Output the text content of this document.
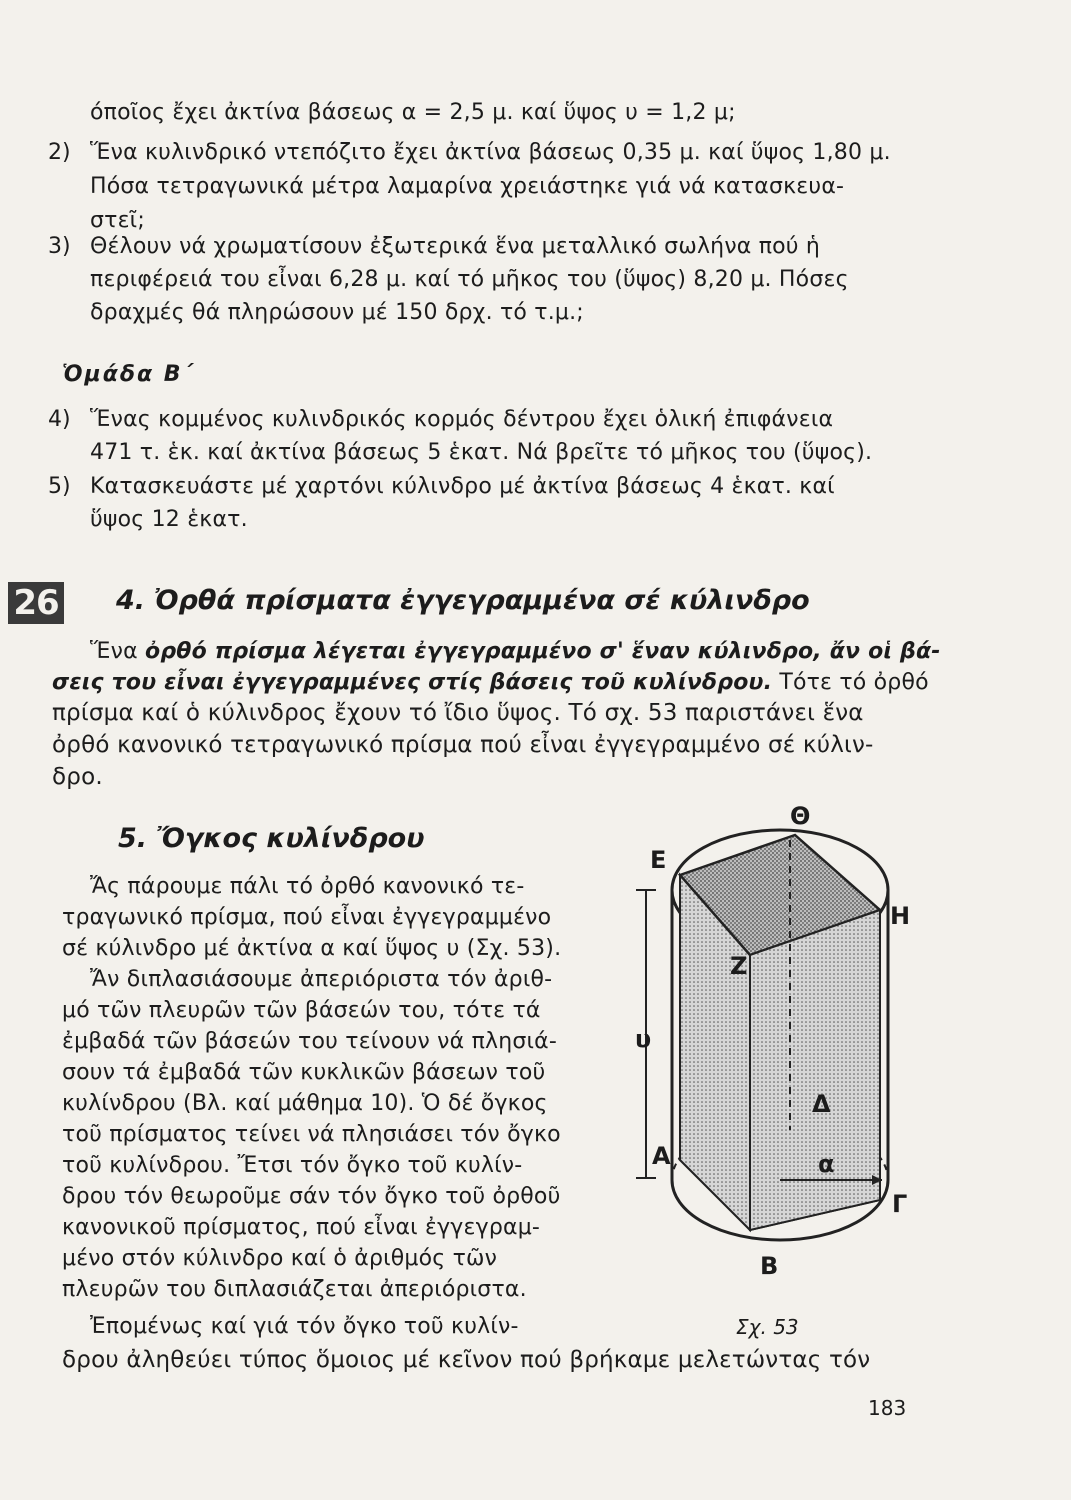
όποῖος ἔχει ἀκτίνα βάσεως α = 2,5 μ. καί ὕψος υ = 1,2 μ;
2) Ἕνα κυλινδρικό ντεπόζιτο ἔχει ἀκτίνα βάσεως 0,35 μ. καί ὕψος 1,80 μ.
Πόσα τετραγωνικά μέτρα λαμαρίνα χρειάστηκε γιά νά κατασκευα-
στεῖ;
3) Θέλουν νά χρωματίσουν ἐξωτερικά ἕνα μεταλλικό σωλήνα πού ἡ
περιφέρειά του εἶναι 6,28 μ. καί τό μῆκος του (ὕψος) 8,20 μ. Πόσες
δραχμές θά πληρώσουν μέ 150 δρχ. τό τ.μ.;
Ὁμάδα Β΄
4) Ἕνας κομμένος κυλινδρικός κορμός δέντρου ἔχει ὁλική ἐπιφάνεια
471 τ. ἑκ. καί ἀκτίνα βάσεως 5 ἑκατ. Νά βρεῖτε τό μῆκος του (ὕψος).
5) Κατασκευάστε μέ χαρτόνι κύλινδρο μέ ἀκτίνα βάσεως 4 ἑκατ. καί
ὕψος 12 ἑκατ.
26 4. Ὀρθά πρίσματα ἐγγεγραμμένα σέ κύλινδρο
Ἕνα ὀρθό πρίσμα λέγεται ἐγγεγραμμένο σ' ἕναν κύλινδρο, ἄν οἱ βά-
σεις του εἶναι ἐγγεγραμμένες στίς βάσεις τοῦ κυλίνδρου. Τότε τό ὀρθό
πρίσμα καί ὁ κύλινδρος ἔχουν τό ἴδιο ὕψος. Τό σχ. 53 παριστάνει ἕνα
ὀρθό κανονικό τετραγωνικό πρίσμα πού εἶναι ἐγγεγραμμένο σέ κύλιν-
δρο.
5. Ὄγκος κυλίνδρου
Ἄς πάρουμε πάλι τό ὀρθό κανονικό τε-
τραγωνικό πρίσμα, πού εἶναι ἐγγεγραμμένο
σέ κύλινδρο μέ ἀκτίνα α καί ὕψος υ (Σχ. 53).
Ἄν διπλασιάσουμε ἀπεριόριστα τόν ἀριθ-
μό τῶν πλευρῶν τῶν βάσεών του, τότε τά
ἐμβαδά τῶν βάσεών του τείνουν νά πλησιά-
σουν τά ἐμβαδά τῶν κυκλικῶν βάσεων τοῦ
κυλίνδρου (Βλ. καί μάθημα 10). Ὁ δέ ὄγκος
τοῦ πρίσματος τείνει νά πλησιάσει τόν ὄγκο
τοῦ κυλίνδρου. Ἔτσι τόν ὄγκο τοῦ κυλίν-
δρου τόν θεωροῦμε σάν τόν ὄγκο τοῦ ὀρθοῦ
κανονικοῦ πρίσματος, πού εἶναι ἐγγεγραμ-
μένο στόν κύλινδρο καί ὁ ἀριθμός τῶν
πλευρῶν του διπλασιάζεται ἀπεριόριστα.
Ἐπομένως καί γιά τόν ὄγκο τοῦ κυλίν-
δρου ἀληθεύει τύπος ὅμοιος μέ κεῖνον πού βρήκαμε μελετώντας τόν
Θ
Ε
Η
Ζ
υ
Δ
Α	α
Γ
Β
Σχ. 53
183
